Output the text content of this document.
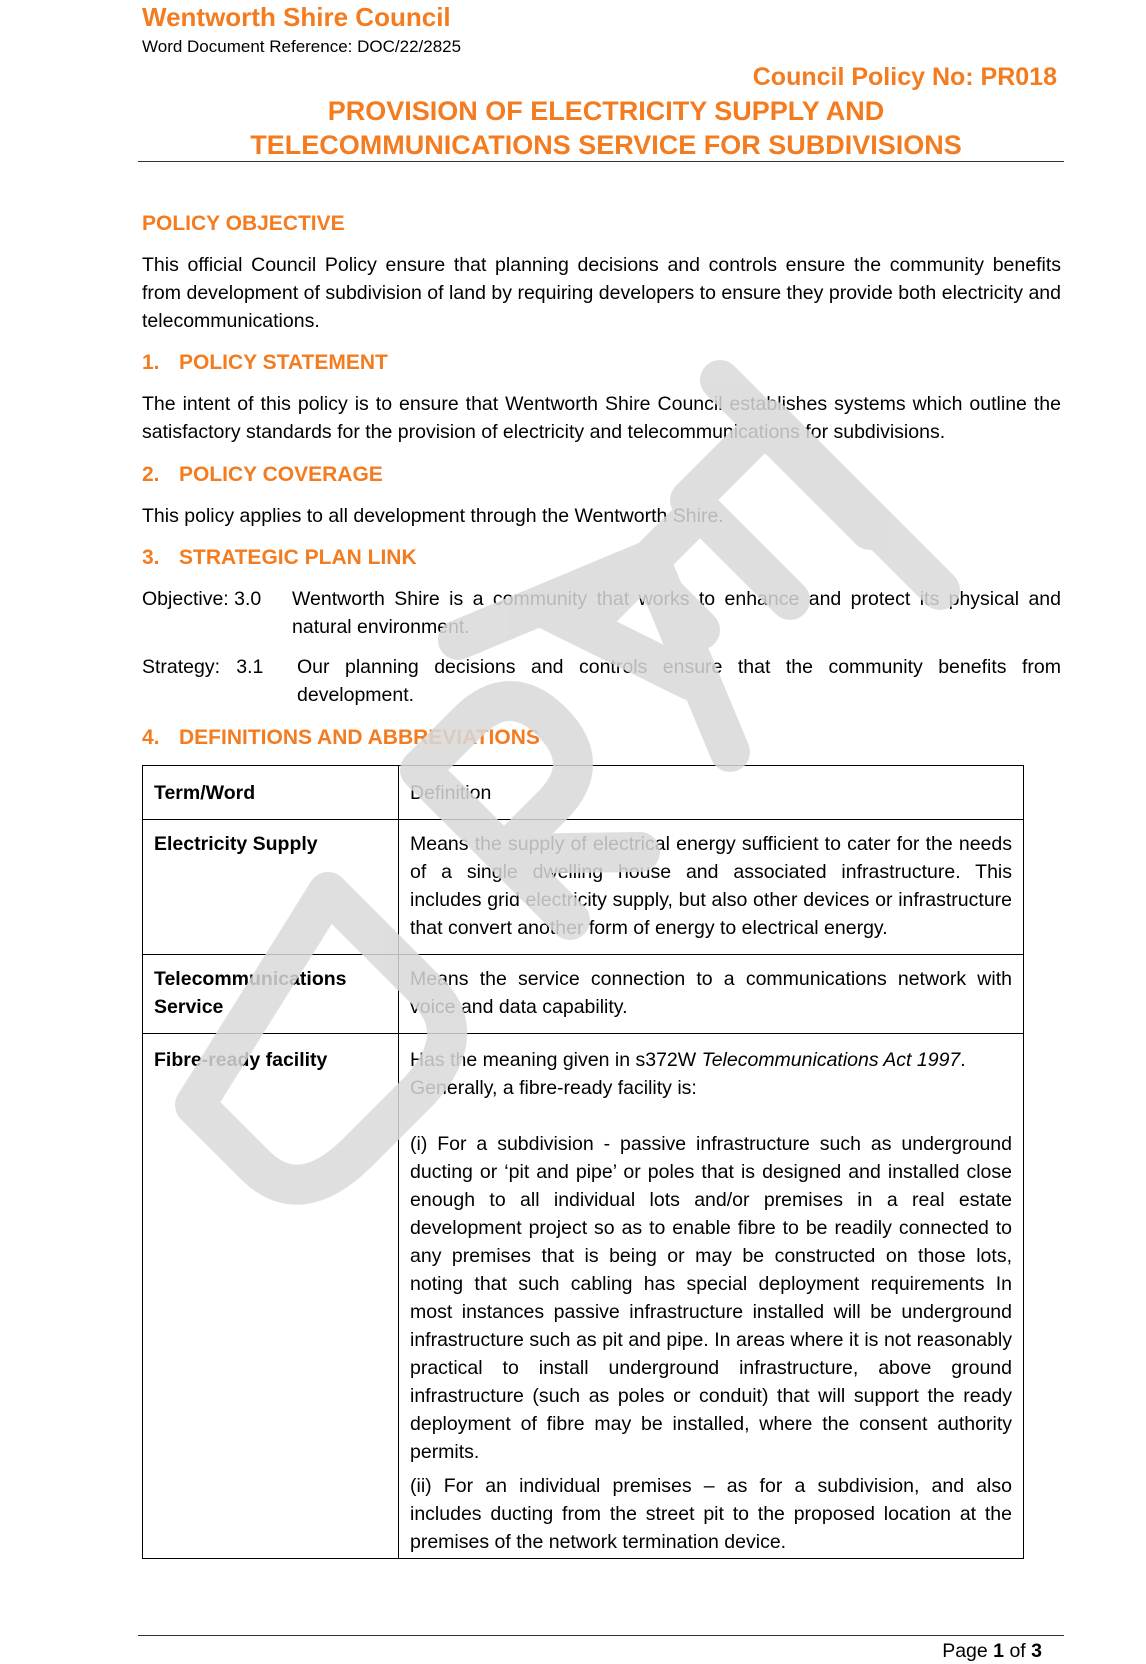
Wentworth Shire Council
Word Document Reference: DOC/22/2825
Council Policy No: PR018
PROVISION OF ELECTRICITY SUPPLY AND
TELECOMMUNICATIONS SERVICE FOR SUBDIVISIONS
POLICY OBJECTIVE
This official Council Policy ensure that planning decisions and controls ensure the community benefits from development of subdivision of land by requiring developers to ensure they provide both electricity and telecommunications.
1. POLICY STATEMENT
The intent of this policy is to ensure that Wentworth Shire Council establishes systems which outline the satisfactory standards for the provision of electricity and telecommunications for subdivisions.
2. POLICY COVERAGE
This policy applies to all development through the Wentworth Shire.
3. STRATEGIC PLAN LINK
Objective: 3.0 Wentworth Shire is a community that works to enhance and protect its physical and natural environment.
Strategy:   3.1 Our planning decisions and controls ensure that the community benefits from development.
4. DEFINITIONS AND ABBREVIATIONS
Term/Word	Definition
Electricity Supply	Means the supply of electrical energy sufficient to cater for the needs of a single dwelling house and associated infrastructure. This includes grid electricity supply, but also other devices or infrastructure that convert another form of energy to electrical energy.
Telecommunications Service	Means the service connection to a communications network with voice and data capability.
Fibre-ready facility	Has the meaning given in s372W Telecommunications Act 1997.

Generally, a fibre-ready facility is:

(i) For a subdivision - passive infrastructure such as underground ducting or ‘pit and pipe’ or poles that is designed and installed close enough to all individual lots and/or premises in a real estate development project so as to enable fibre to be readily connected to any premises that is being or may be constructed on those lots, noting that such cabling has special deployment requirements In most instances passive infrastructure installed will be underground infrastructure such as pit and pipe. In areas where it is not reasonably practical to install underground infrastructure, above ground infrastructure (such as poles or conduit) that will support the ready deployment of fibre may be installed, where the consent authority permits.

(ii) For an individual premises – as for a subdivision, and also includes ducting from the street pit to the proposed location at the premises of the network termination device.

Page 1 of 3
